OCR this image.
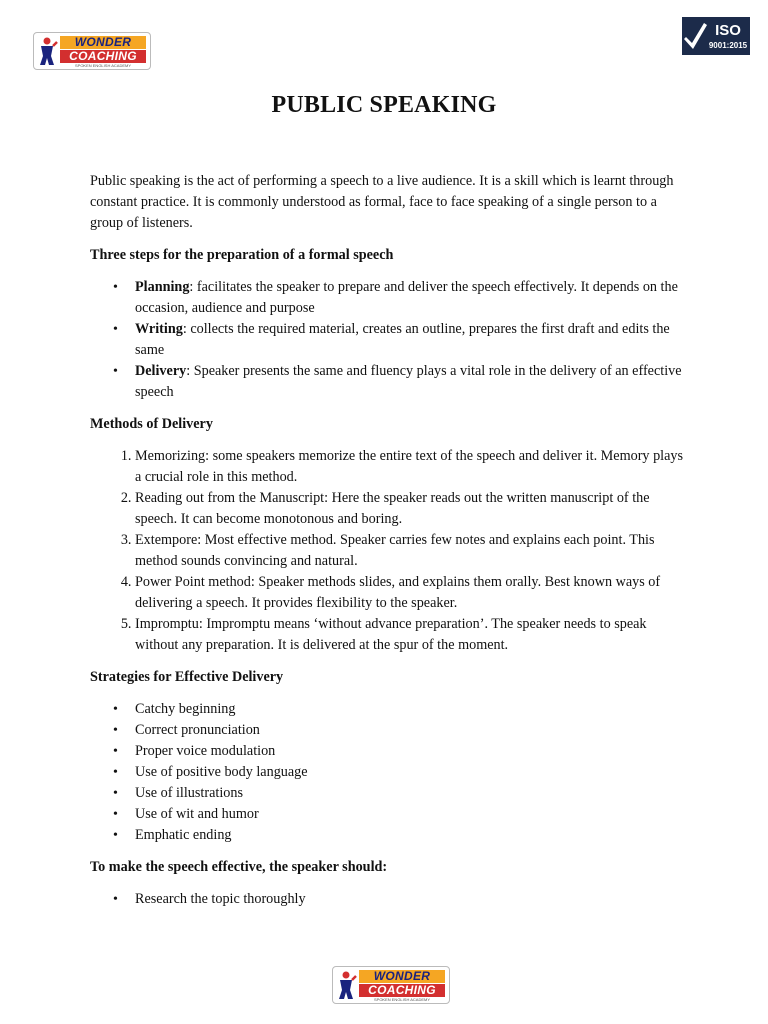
WONDER
COACHING
SPOKEN ENGLISH ACADEMY
ISO
9001:2015
PUBLIC SPEAKING

Public speaking is the act of performing a speech to a live audience. It is a skill which is learnt through constant practice. It is commonly understood as formal, face to face speaking of a single person to a group of listeners.

Three steps for the preparation of a formal speech

• Planning: facilitates the speaker to prepare and deliver the speech effectively. It depends on the occasion, audience and purpose
• Writing: collects the required material, creates an outline, prepares the first draft and edits the same
• Delivery: Speaker presents the same and fluency plays a vital role in the delivery of an effective speech

Methods of Delivery

1. Memorizing: some speakers memorize the entire text of the speech and deliver it. Memory plays a crucial role in this method.
2. Reading out from the Manuscript: Here the speaker reads out the written manuscript of the speech. It can become monotonous and boring.
3. Extempore: Most effective method. Speaker carries few notes and explains each point. This method sounds convincing and natural.
4. Power Point method: Speaker methods slides, and explains them orally. Best known ways of delivering a speech. It provides flexibility to the speaker.
5. Impromptu: Impromptu means ‘without advance preparation’. The speaker needs to speak without any preparation. It is delivered at the spur of the moment.

Strategies for Effective Delivery

• Catchy beginning
• Correct pronunciation
• Proper voice modulation
• Use of positive body language
• Use of illustrations
• Use of wit and humor
• Emphatic ending

To make the speech effective, the speaker should:

• Research the topic thoroughly
WONDER
COACHING
SPOKEN ENGLISH ACADEMY
